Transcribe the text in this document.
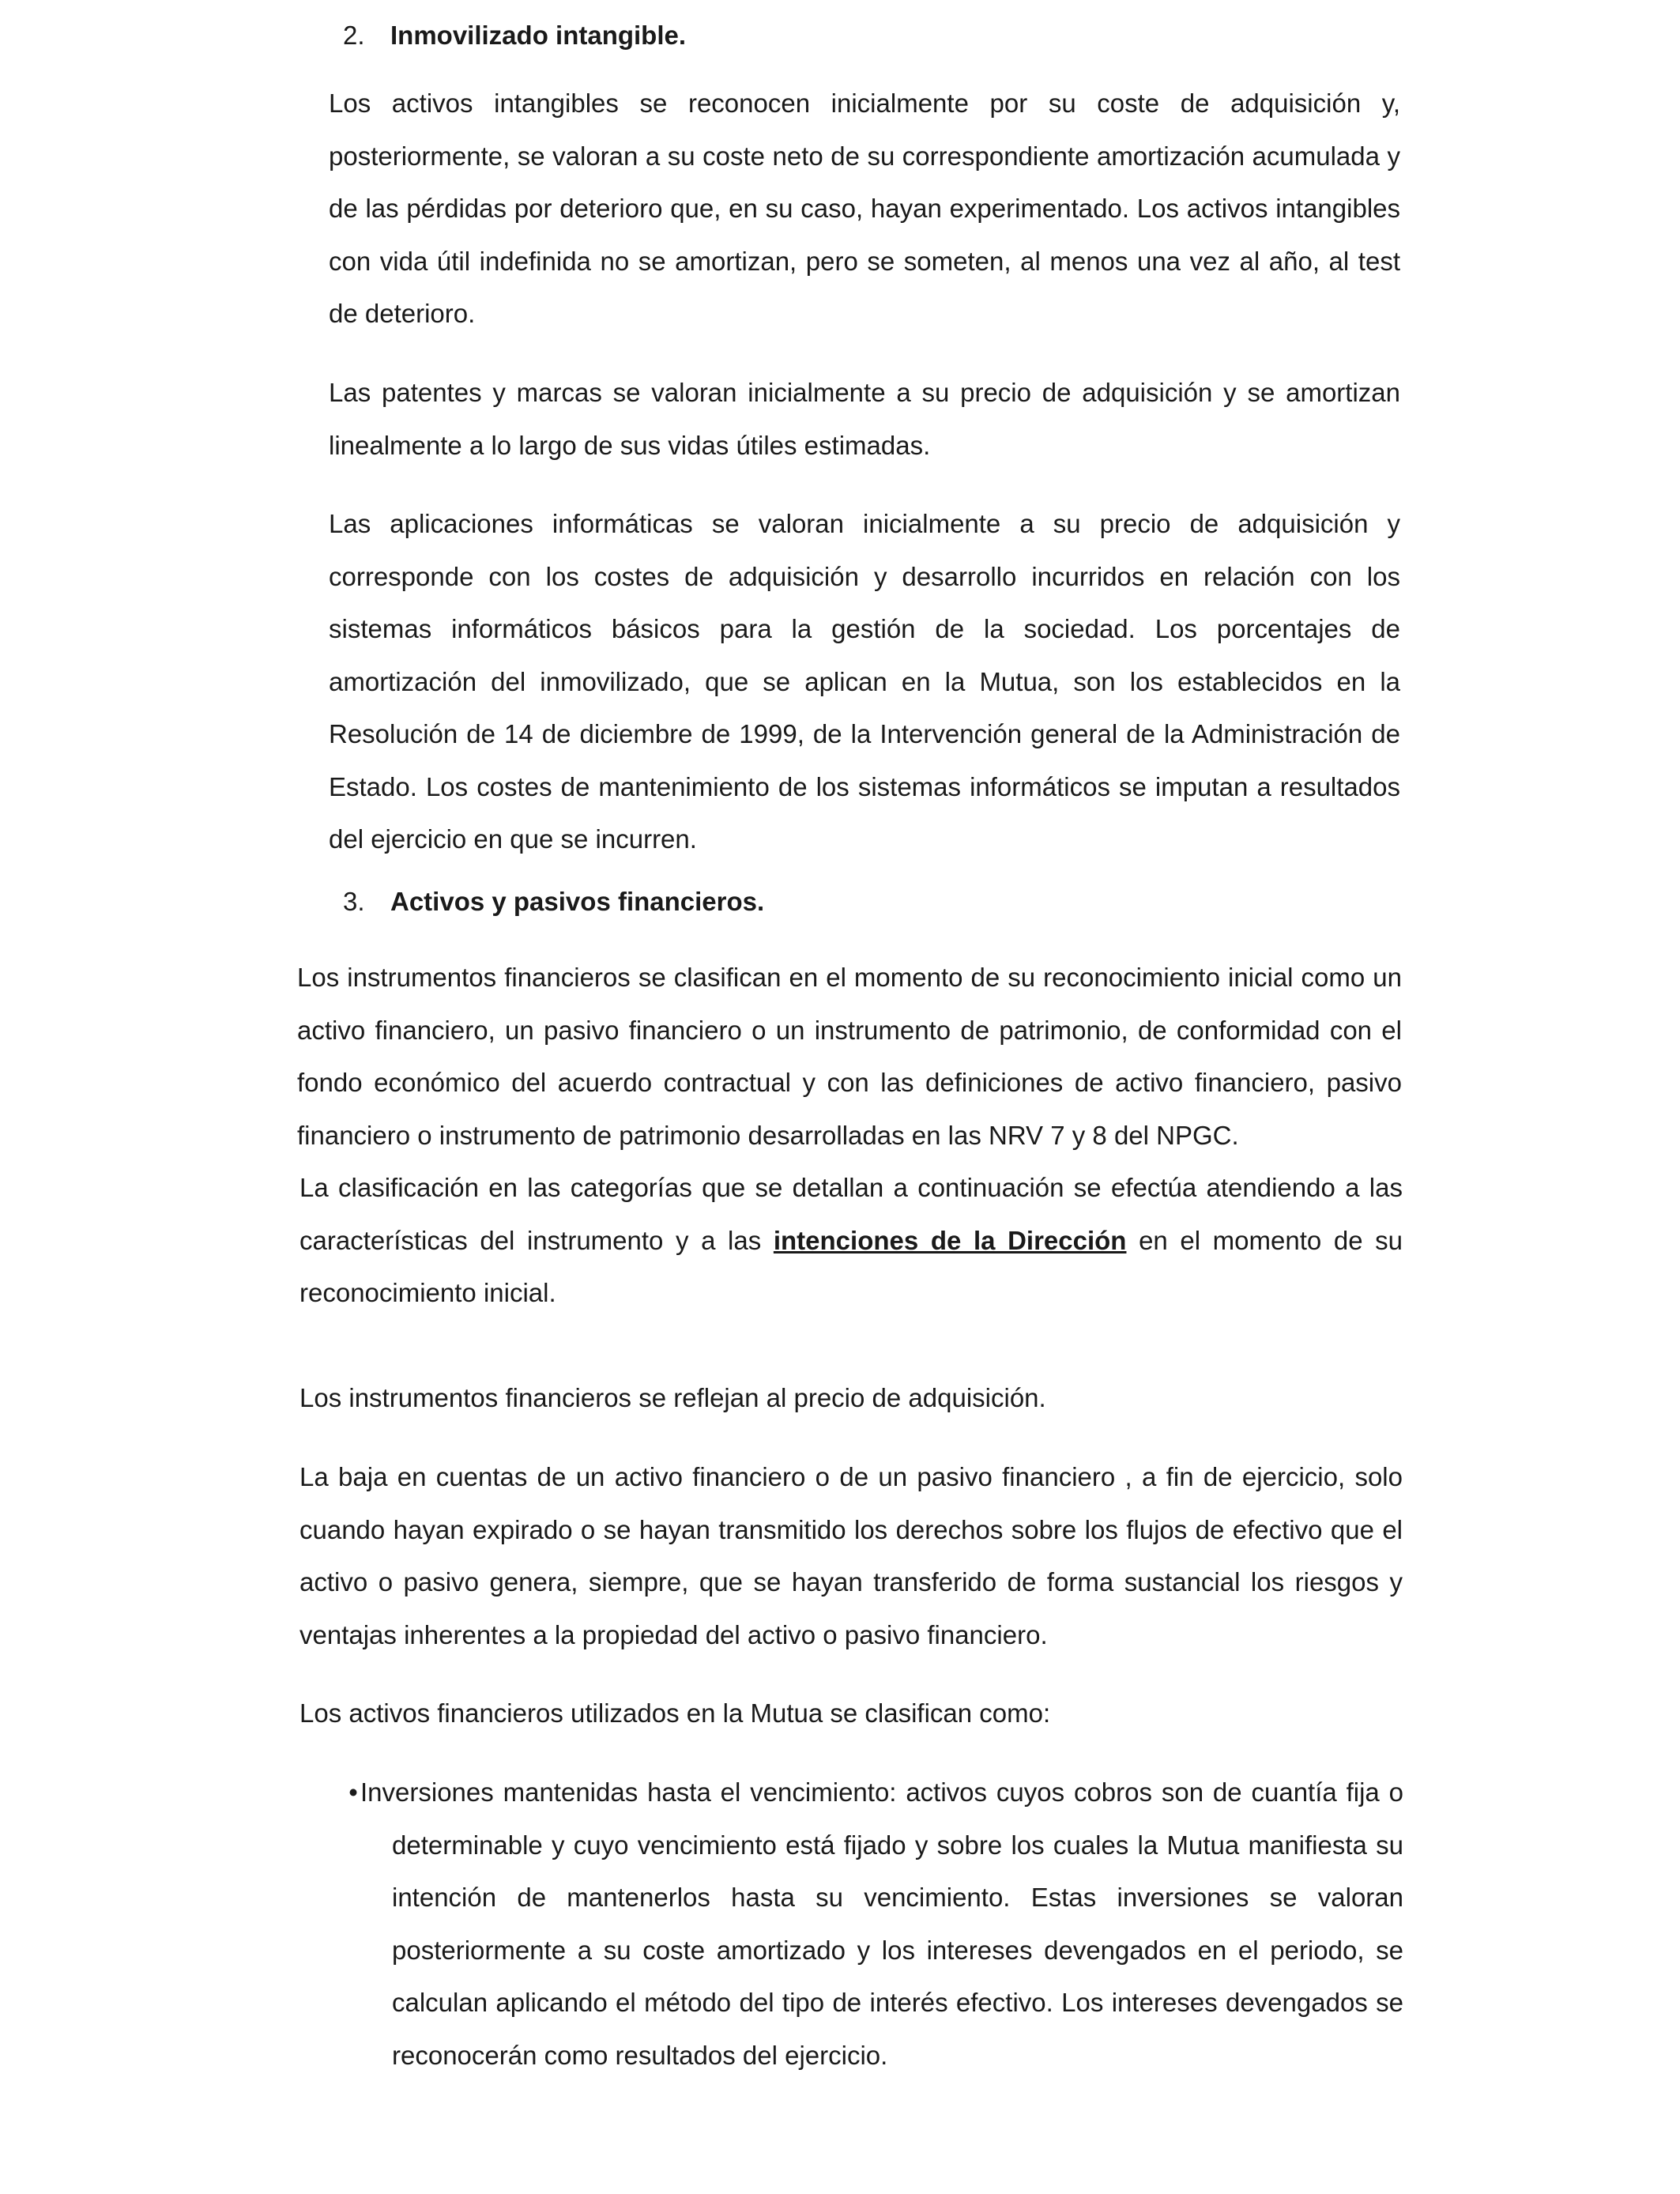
2. Inmovilizado intangible.

Los activos intangibles se reconocen inicialmente por su coste de adquisición y, posteriormente, se valoran a su coste neto de su correspondiente amortización acumulada y de las pérdidas por deterioro que, en su caso, hayan experimentado. Los activos intangibles con vida útil indefinida no se amortizan, pero se someten, al menos una vez al año, al test de deterioro.

Las patentes y marcas se valoran inicialmente a su precio de adquisición y se amortizan linealmente a lo largo de sus vidas útiles estimadas.

Las aplicaciones informáticas se valoran inicialmente a su precio de adquisición y corresponde con los costes de adquisición y desarrollo incurridos en relación con los sistemas informáticos básicos para la gestión de la sociedad. Los porcentajes de amortización del inmovilizado, que se aplican en la Mutua, son los establecidos en la Resolución de 14 de diciembre de 1999, de la Intervención general de la Administración de Estado. Los costes de mantenimiento de los sistemas informáticos se imputan a resultados del ejercicio en que se incurren.

3. Activos y pasivos financieros.

Los instrumentos financieros se clasifican en el momento de su reconocimiento inicial como un activo financiero, un pasivo financiero o un instrumento de patrimonio, de conformidad con el fondo económico del acuerdo contractual y con las definiciones de activo financiero, pasivo financiero o instrumento de patrimonio desarrolladas en las NRV 7 y 8 del NPGC.

La clasificación en las categorías que se detallan a continuación se efectúa atendiendo a las características del instrumento y a las intenciones de la Dirección en el momento de su reconocimiento inicial.

Los instrumentos financieros se reflejan al precio de adquisición.

La baja en cuentas de un activo financiero o de un pasivo financiero , a fin de ejercicio, solo cuando hayan expirado o se hayan transmitido los derechos sobre los flujos de efectivo que el activo o pasivo genera, siempre, que se hayan transferido de forma sustancial los riesgos y ventajas inherentes a la propiedad del activo o pasivo financiero.

Los activos financieros utilizados en la Mutua se clasifican como:

• Inversiones mantenidas hasta el vencimiento: activos cuyos cobros son de cuantía fija o determinable y cuyo vencimiento está fijado y sobre los cuales la Mutua manifiesta su intención de mantenerlos hasta su vencimiento. Estas inversiones se valoran posteriormente a su coste amortizado y los intereses devengados en el periodo, se calculan aplicando el método del tipo de interés efectivo. Los intereses devengados se reconocerán como resultados del ejercicio.
